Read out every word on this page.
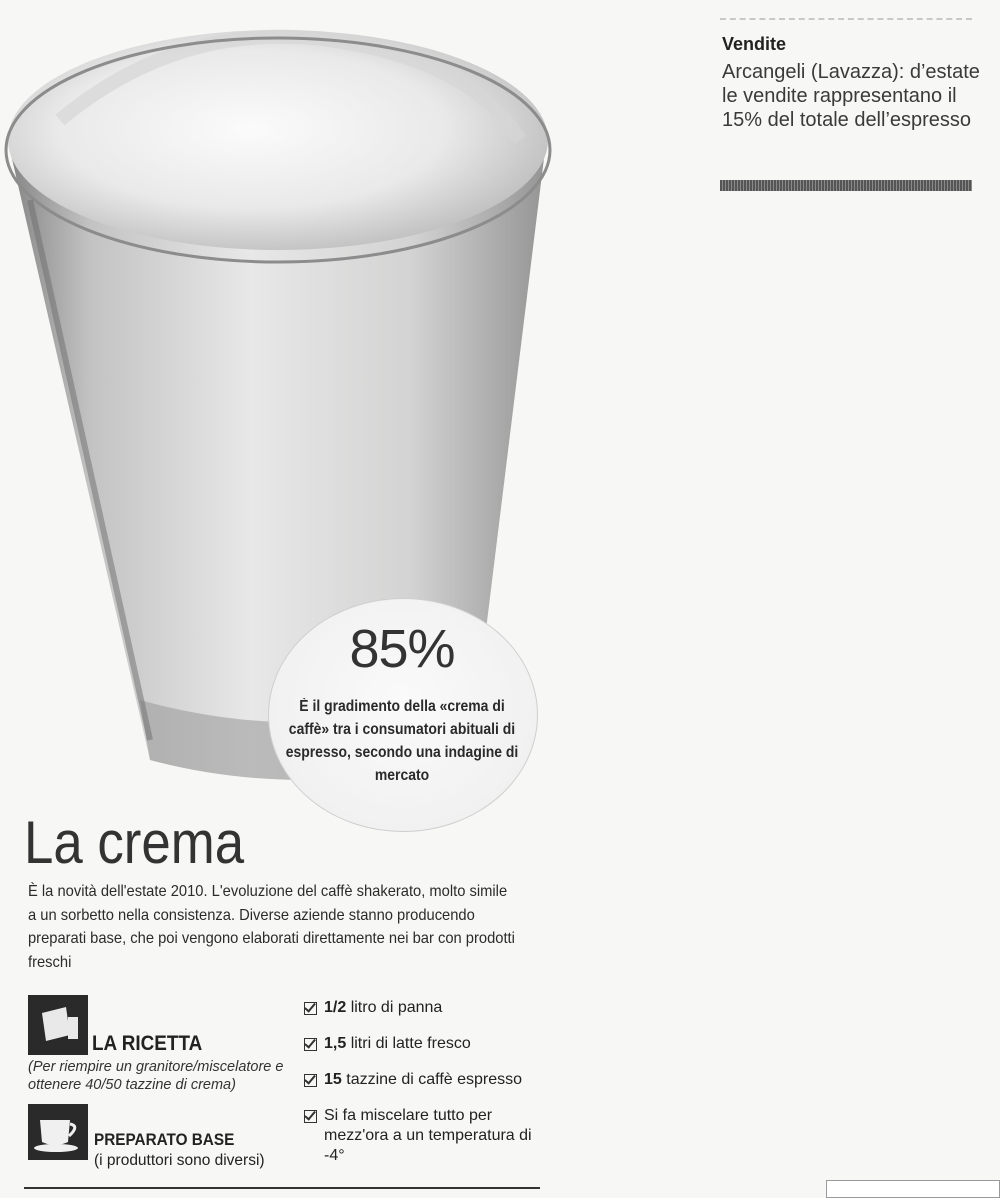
Vendite
Arcangeli (Lavazza): d’estate le vendite rappresentano il 15% del totale dell’espresso
85%
È il gradimento della «crema di caffè» tra i consumatori abituali di espresso, secondo una indagine di mercato
La crema
È la novità dell'estate 2010. L'evoluzione del caffè shakerato, molto simile a un sorbetto nella consistenza. Diverse aziende stanno producendo preparati base, che poi vengono elaborati direttamente nei bar con prodotti freschi
LA RICETTA
(Per riempire un granitore/miscelatore e ottenere 40/50 tazzine di crema)
PREPARATO BASE
(i produttori sono diversi)
1/2 litro di panna
1,5 litri di latte fresco
15 tazzine di caffè espresso
Si fa miscelare tutto per mezz'ora a un temperatura di -4°
